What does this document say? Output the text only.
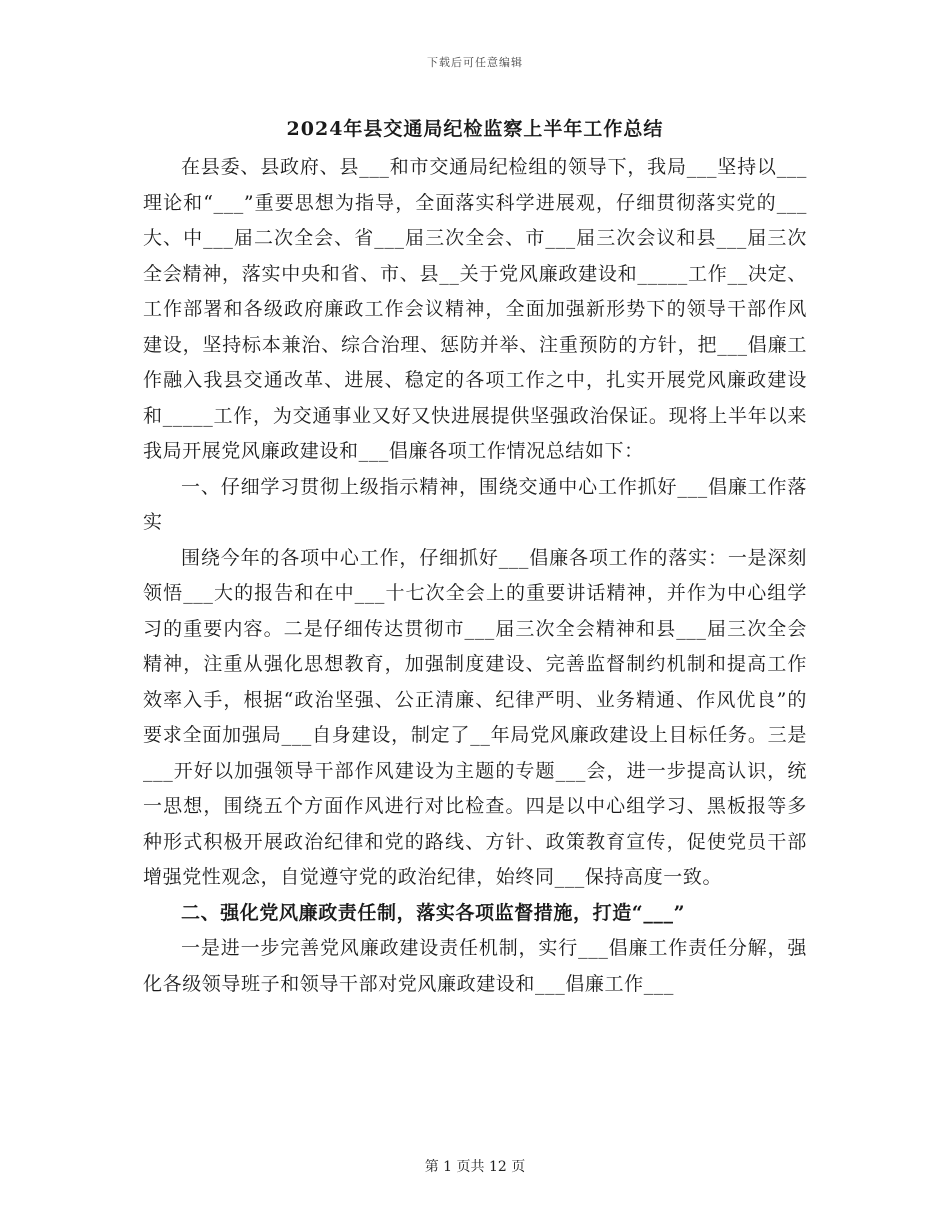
下载后可任意编辑
2024年县交通局纪检监察上半年工作总结

在县委、县政府、县___和市交通局纪检组的领导下，我局___坚持以___理论和“___”重要思想为指导，全面落实科学进展观，仔细贯彻落实党的___大、中___届二次全会、省___届三次全会、市___届三次会议和县___届三次全会精神，落实中央和省、市、县__关于党风廉政建设和_____工作__决定、工作部署和各级政府廉政工作会议精神，全面加强新形势下的领导干部作风建设，坚持标本兼治、综合治理、惩防并举、注重预防的方针，把___倡廉工作融入我县交通改革、进展、稳定的各项工作之中，扎实开展党风廉政建设和_____工作，为交通事业又好又快进展提供坚强政治保证。现将上半年以来我局开展党风廉政建设和___倡廉各项工作情况总结如下：

一、仔细学习贯彻上级指示精神，围绕交通中心工作抓好___倡廉工作落实

围绕今年的各项中心工作，仔细抓好___倡廉各项工作的落实：一是深刻领悟___大的报告和在中___十七次全会上的重要讲话精神，并作为中心组学习的重要内容。二是仔细传达贯彻市___届三次全会精神和县___届三次全会精神，注重从强化思想教育，加强制度建设、完善监督制约机制和提高工作效率入手，根据“政治坚强、公正清廉、纪律严明、业务精通、作风优良”的要求全面加强局___自身建设，制定了__年局党风廉政建设上目标任务。三是___开好以加强领导干部作风建设为主题的专题___会，进一步提高认识，统一思想，围绕五个方面作风进行对比检查。四是以中心组学习、黑板报等多种形式积极开展政治纪律和党的路线、方针、政策教育宣传，促使党员干部增强党性观念，自觉遵守党的政治纪律，始终同___保持高度一致。

二、强化党风廉政责任制，落实各项监督措施，打造“___”

一是进一步完善党风廉政建设责任机制，实行___倡廉工作责任分解，强化各级领导班子和领导干部对党风廉政建设和___倡廉工作___

第 1 页共 12 页
